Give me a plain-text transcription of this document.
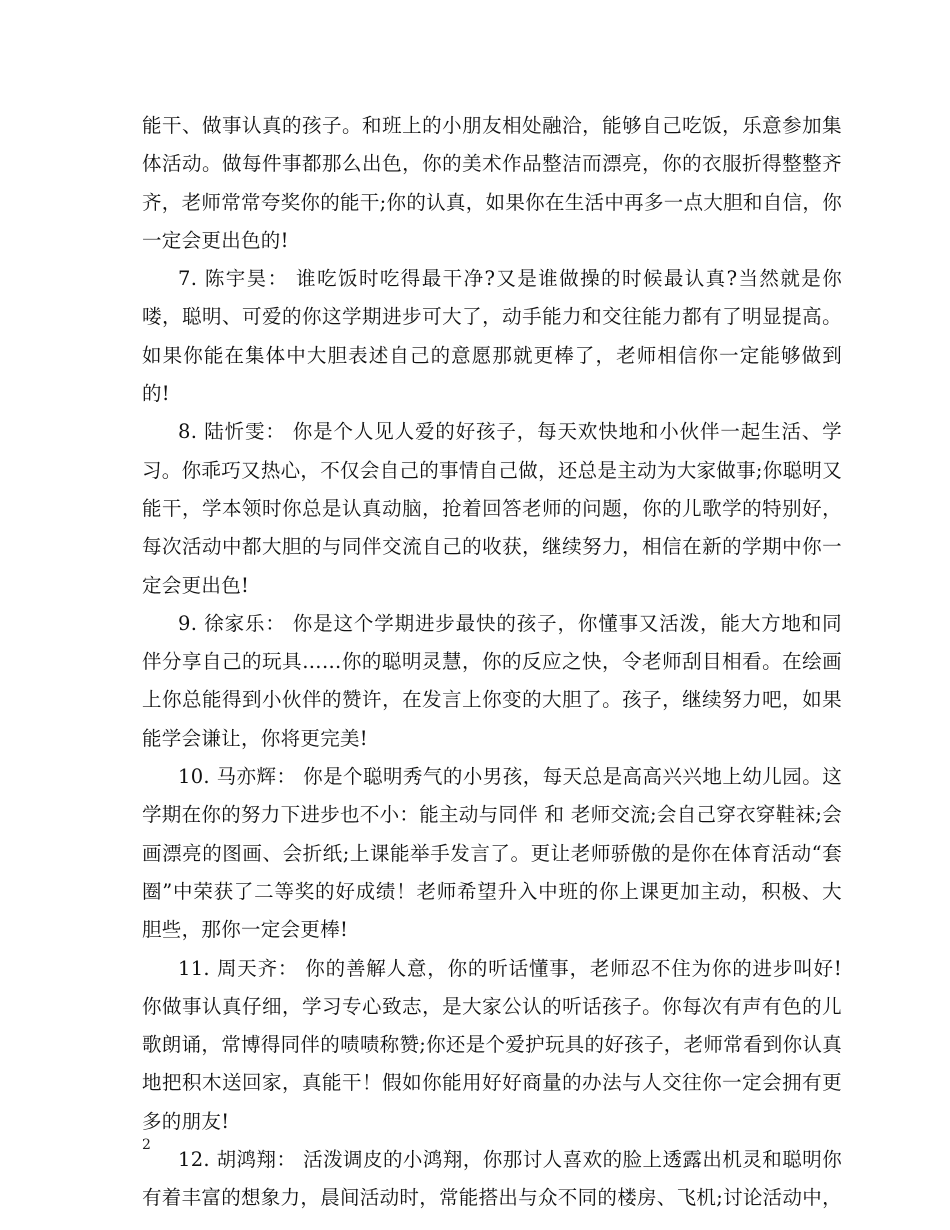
能干、做事认真的孩子。和班上的小朋友相处融洽，能够自己吃饭，乐意参加集体活动。做每件事都那么出色，你的美术作品整洁而漂亮，你的衣服折得整整齐齐，老师常常夸奖你的能干;你的认真，如果你在生活中再多一点大胆和自信，你一定会更出色的!

7. 陈宇昊： 谁吃饭时吃得最干净?又是谁做操的时候最认真?当然就是你喽，聪明、可爱的你这学期进步可大了，动手能力和交往能力都有了明显提高。如果你能在集体中大胆表述自己的意愿那就更棒了，老师相信你一定能够做到的!

8. 陆忻雯： 你是个人见人爱的好孩子，每天欢快地和小伙伴一起生活、学习。你乖巧又热心，不仅会自己的事情自己做，还总是主动为大家做事;你聪明又能干，学本领时你总是认真动脑，抢着回答老师的问题，你的儿歌学的特别好，每次活动中都大胆的与同伴交流自己的收获，继续努力，相信在新的学期中你一定会更出色!

9. 徐家乐： 你是这个学期进步最快的孩子，你懂事又活泼，能大方地和同伴分享自己的玩具……你的聪明灵慧，你的反应之快，令老师刮目相看。在绘画上你总能得到小伙伴的赞许，在发言上你变的大胆了。孩子，继续努力吧，如果能学会谦让，你将更完美!

10. 马亦辉： 你是个聪明秀气的小男孩，每天总是高高兴兴地上幼儿园。这学期在你的努力下进步也不小：能主动与同伴 和 老师交流;会自己穿衣穿鞋袜;会画漂亮的图画、会折纸;上课能举手发言了。更让老师骄傲的是你在体育活动“套圈”中荣获了二等奖的好成绩！老师希望升入中班的你上课更加主动，积极、大胆些，那你一定会更棒!

11. 周天齐： 你的善解人意，你的听话懂事，老师忍不住为你的进步叫好!你做事认真仔细，学习专心致志，是大家公认的听话孩子。你每次有声有色的儿歌朗诵，常博得同伴的啧啧称赞;你还是个爱护玩具的好孩子，老师常看到你认真地把积木送回家，真能干！假如你能用好好商量的办法与人交往你一定会拥有更多的朋友!

12. 胡鸿翔： 活泼调皮的小鸿翔，你那讨人喜欢的脸上透露出机灵和聪明你有着丰富的想象力，晨间活动时，常能搭出与众不同的楼房、飞机;讨论活动中，

2
